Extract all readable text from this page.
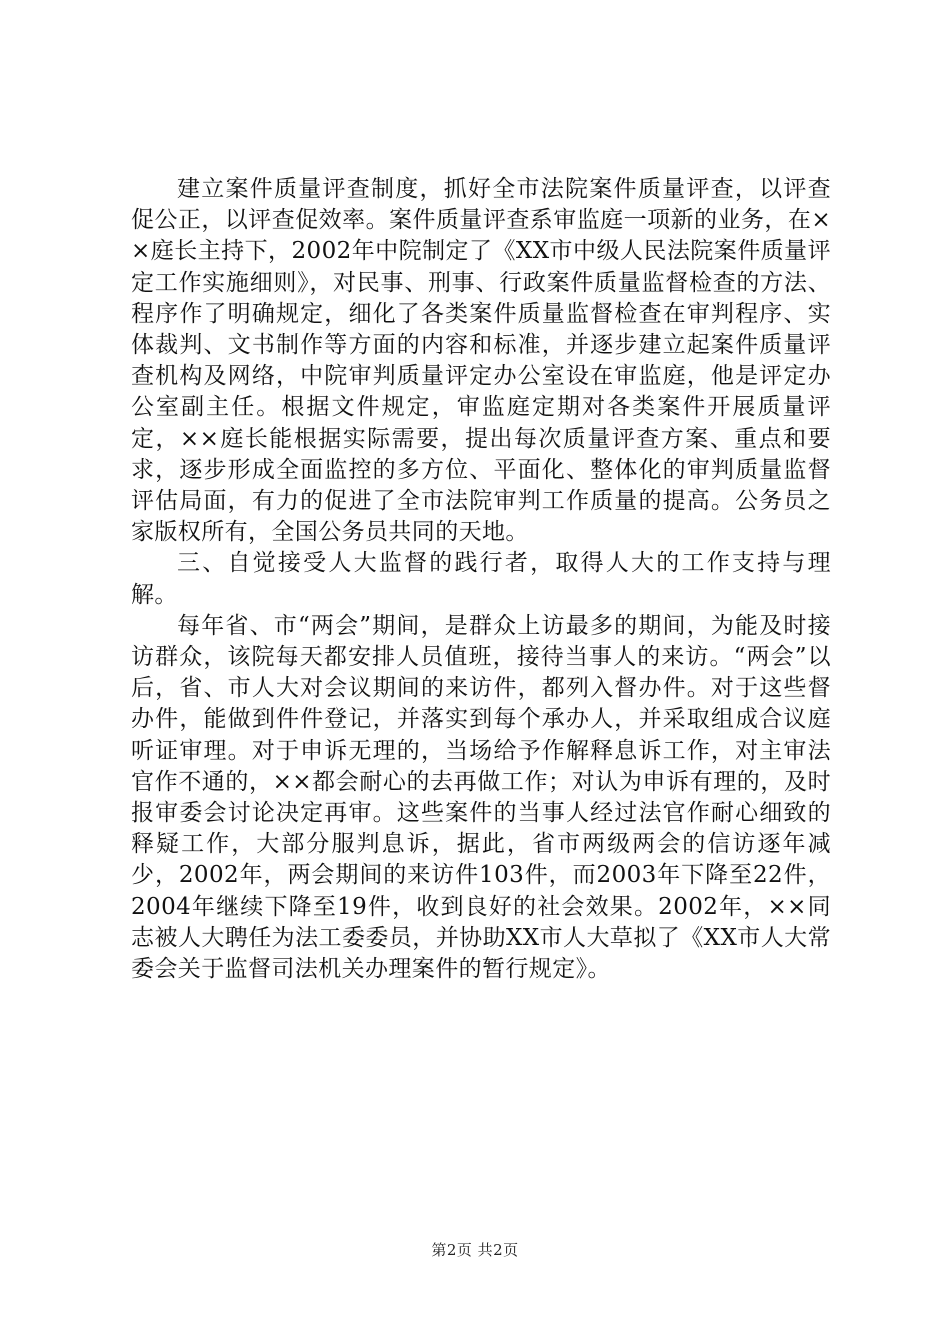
建立案件质量评查制度，抓好全市法院案件质量评查，以评查促公正，以评查促效率。案件质量评查系审监庭一项新的业务，在××庭长主持下，2002年中院制定了《XX市中级人民法院案件质量评定工作实施细则》，对民事、刑事、行政案件质量监督检查的方法、程序作了明确规定，细化了各类案件质量监督检查在审判程序、实体裁判、文书制作等方面的内容和标准，并逐步建立起案件质量评查机构及网络，中院审判质量评定办公室设在审监庭，他是评定办公室副主任。根据文件规定，审监庭定期对各类案件开展质量评定，××庭长能根据实际需要，提出每次质量评查方案、重点和要求，逐步形成全面监控的多方位、平面化、整体化的审判质量监督评估局面，有力的促进了全市法院审判工作质量的提高。公务员之家版权所有，全国公务员共同的天地。

三、自觉接受人大监督的践行者，取得人大的工作支持与理解。

每年省、市“两会”期间，是群众上访最多的期间，为能及时接访群众，该院每天都安排人员值班，接待当事人的来访。“两会”以后，省、市人大对会议期间的来访件，都列入督办件。对于这些督办件，能做到件件登记，并落实到每个承办人，并采取组成合议庭听证审理。对于申诉无理的，当场给予作解释息诉工作，对主审法官作不通的，××都会耐心的去再做工作；对认为申诉有理的，及时报审委会讨论决定再审。这些案件的当事人经过法官作耐心细致的释疑工作，大部分服判息诉，据此，省市两级两会的信访逐年减少，2002年，两会期间的来访件103件，而2003年下降至22件，2004年继续下降至19件，收到良好的社会效果。2002年，××同志被人大聘任为法工委委员，并协助XX市人大草拟了《XX市人大常委会关于监督司法机关办理案件的暂行规定》。

第2页 共2页
